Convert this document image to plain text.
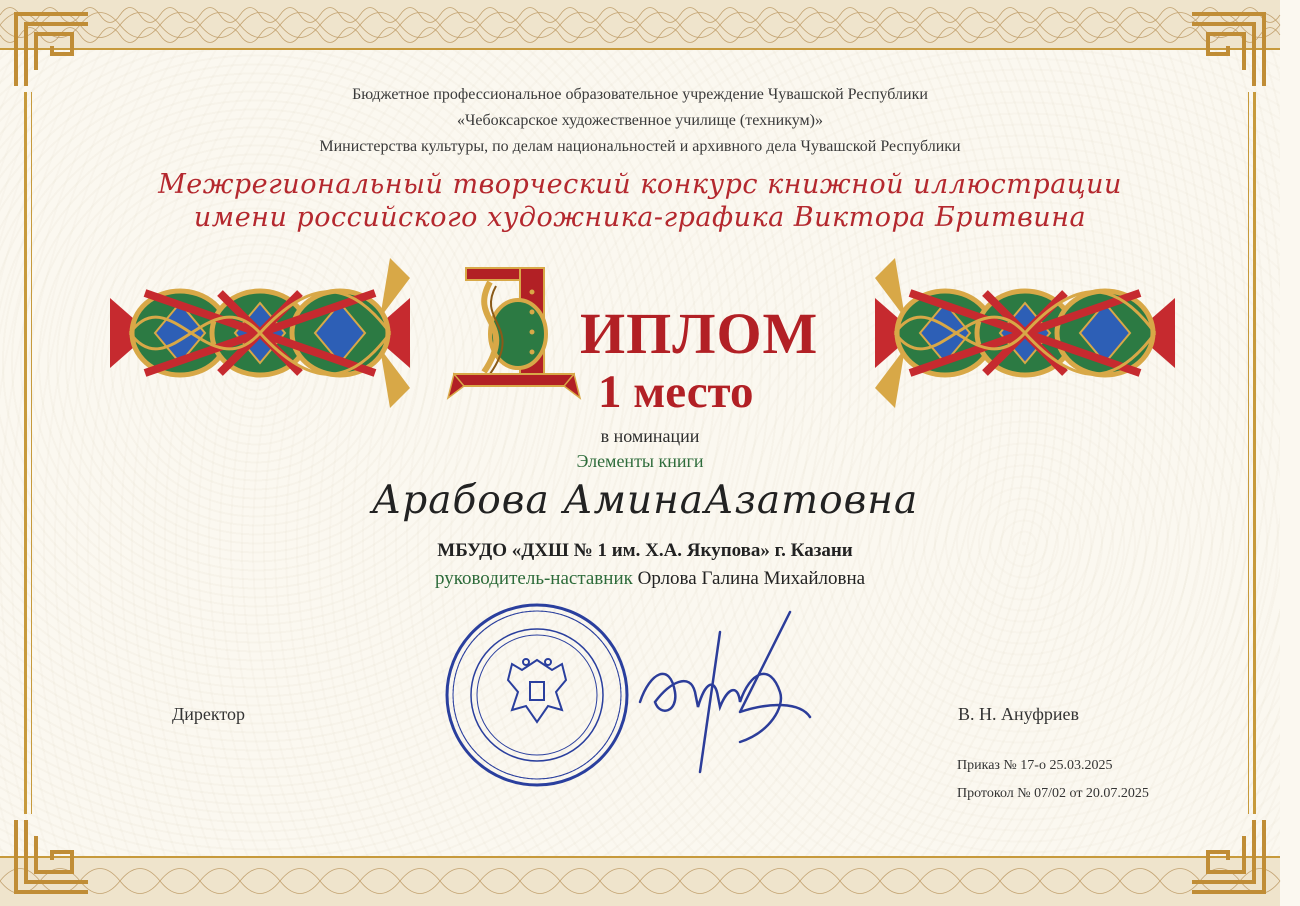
Бюджетное профессиональное образовательное учреждение Чувашской Республики
«Чебоксарское художественное училище (техникум)»
Министерства культуры, по делам национальностей и архивного дела Чувашской Республики
Межрегиональный творческий конкурс книжной иллюстрации
имени российского художника-графика Виктора Бритвина
Д
ИПЛОМ
1 место
в номинации
Элементы книги
Арабова АминаАзатовна
МБУДО «ДХШ № 1 им. Х.А. Якупова» г. Казани
руководитель-наставник Орлова Галина Михайловна
Директор	В. Н. Ануфриев
Приказ № 17-о 25.03.2025
Протокол № 07/02 от 20.07.2025
